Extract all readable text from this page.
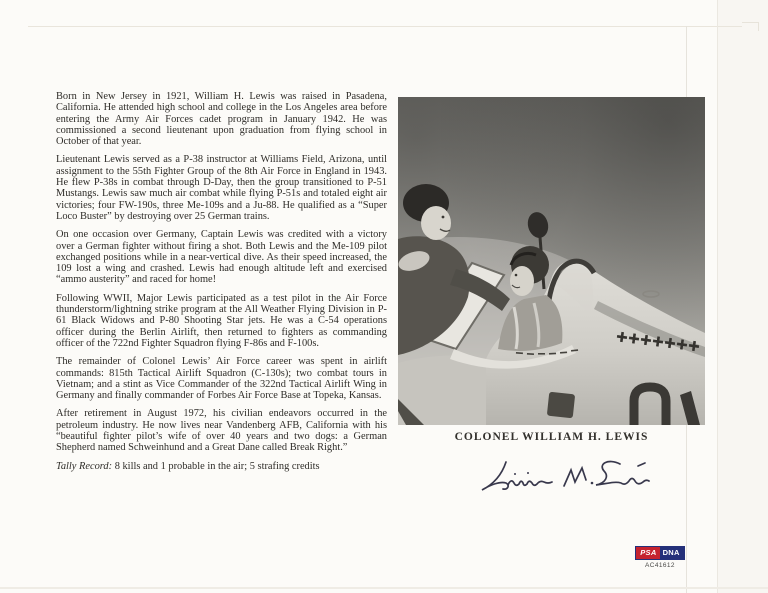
Born in New Jersey in 1921, William H. Lewis was raised in Pasadena, California. He attended high school and college in the Los Angeles area before entering the Army Air Forces cadet program in January 1942. He was commissioned a second lieutenant upon graduation from flying school in October of that year.

Lieutenant Lewis served as a P-38 instructor at Williams Field, Arizona, until assignment to the 55th Fighter Group of the 8th Air Force in England in 1943. He flew P-38s in combat through D-Day, then the group transitioned to P-51 Mustangs. Lewis saw much air combat while flying P-51s and totaled eight air victories; four FW-190s, three Me-109s and a Ju-88. He qualified as a “Super Loco Buster” by destroying over 25 German trains.

On one occasion over Germany, Captain Lewis was credited with a victory over a German fighter without firing a shot. Both Lewis and the Me-109 pilot exchanged positions while in a near-vertical dive. As their speed increased, the 109 lost a wing and crashed. Lewis had enough altitude left and exercised “ammo austerity” and raced for home!

Following WWII, Major Lewis participated as a test pilot in the Air Force thunderstorm/lightning strike program at the All Weather Flying Division in P-61 Black Widows and P-80 Shooting Star jets. He was a C-54 operations officer during the Berlin Airlift, then returned to fighters as commanding officer of the 722nd Fighter Squadron flying F-86s and F-100s.

The remainder of Colonel Lewis’ Air Force career was spent in airlift commands: 815th Tactical Airlift Squadron (C-130s); two combat tours in Vietnam; and a stint as Vice Commander of the 322nd Tactical Airlift Wing in Germany and finally commander of Forbes Air Force Base at Topeka, Kansas.

After retirement in August 1972, his civilian endeavors occurred in the petroleum industry. He now lives near Vandenberg AFB, California with his “beautiful fighter pilot’s wife of over 40 years and two dogs: a German Shepherd named Schweinhund and a Great Dane called Break Right.”

Tally Record: 8 kills and 1 probable in the air; 5 strafing credits

COLONEL WILLIAM H. LEWIS
PSA DNA
AC41612
